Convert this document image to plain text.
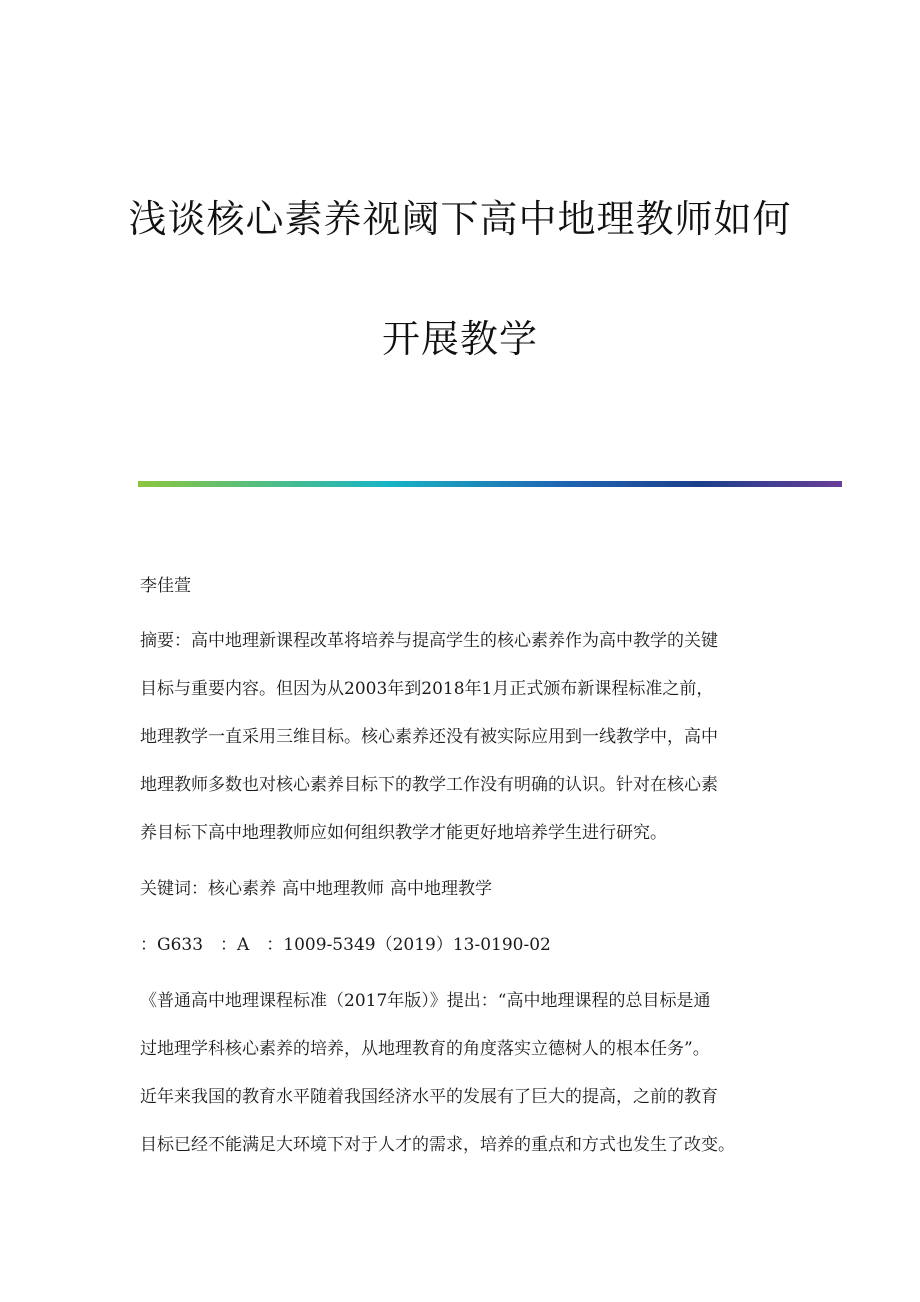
浅谈核心素养视阈下高中地理教师如何
开展教学
李佳萱
摘要：高中地理新课程改革将培养与提高学生的核心素养作为高中教学的关键
目标与重要内容。但因为从2003年到2018年1月正式颁布新课程标准之前，
地理教学一直采用三维目标。核心素养还没有被实际应用到一线教学中，高中
地理教师多数也对核心素养目标下的教学工作没有明确的认识。针对在核心素
养目标下高中地理教师应如何组织教学才能更好地培养学生进行研究。
关键词：核心素养 高中地理教师 高中地理教学
：G633　：A　：1009-5349（2019）13-0190-02
《普通高中地理课程标准（2017年版）》提出：“高中地理课程的总目标是通
过地理学科核心素养的培养，从地理教育的角度落实立德树人的根本任务”。
近年来我国的教育水平随着我国经济水平的发展有了巨大的提高，之前的教育
目标已经不能满足大环境下对于人才的需求，培养的重点和方式也发生了改变。
